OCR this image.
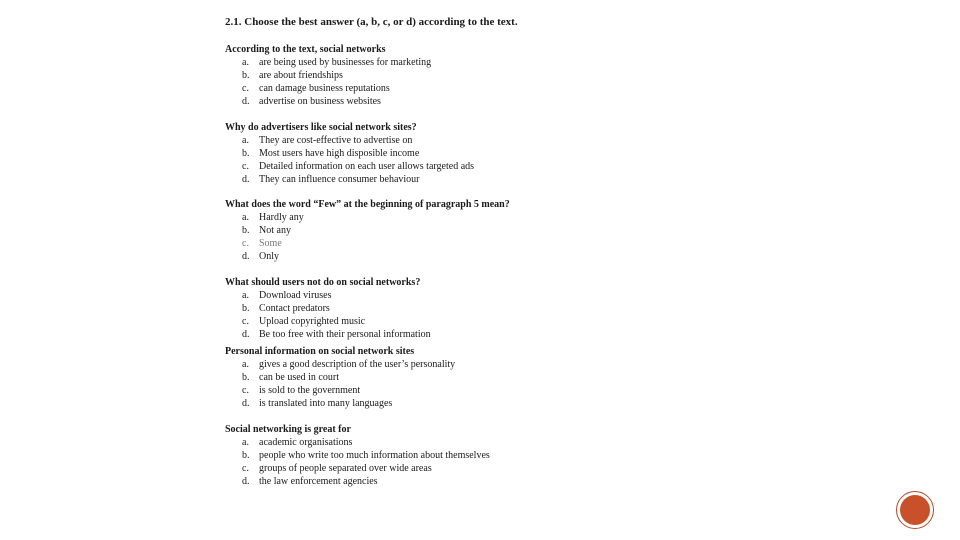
2.1. Choose the best answer (a, b, c, or d) according to the text.
According to the text, social networks
a.	are being used by businesses for marketing
b. are about friendships
c.	can damage business reputations
d. advertise on business websites
Why do advertisers like social network sites?
a.	They are cost-effective to advertise on
b. Most users have high disposible income
c.	Detailed information on each user allows targeted ads
d. They can influence consumer behaviour
What does the word “Few” at the beginning of paragraph 5 mean?
a.	Hardly any
b. Not any
c.	Some
d. Only
What should users not do on social networks?
a.	Download viruses
b. Contact predators
c.	Upload copyrighted music
d. Be too free with their personal information
Personal information on social network sites
a.	gives a good description of the user’s personality
b. can be used in court
c.	is sold to the government
d. is translated into many languages
Social networking is great for
a.	academic organisations
b. people who write too much information about themselves
c.	groups of people separated over wide areas
d. the law enforcement agencies
